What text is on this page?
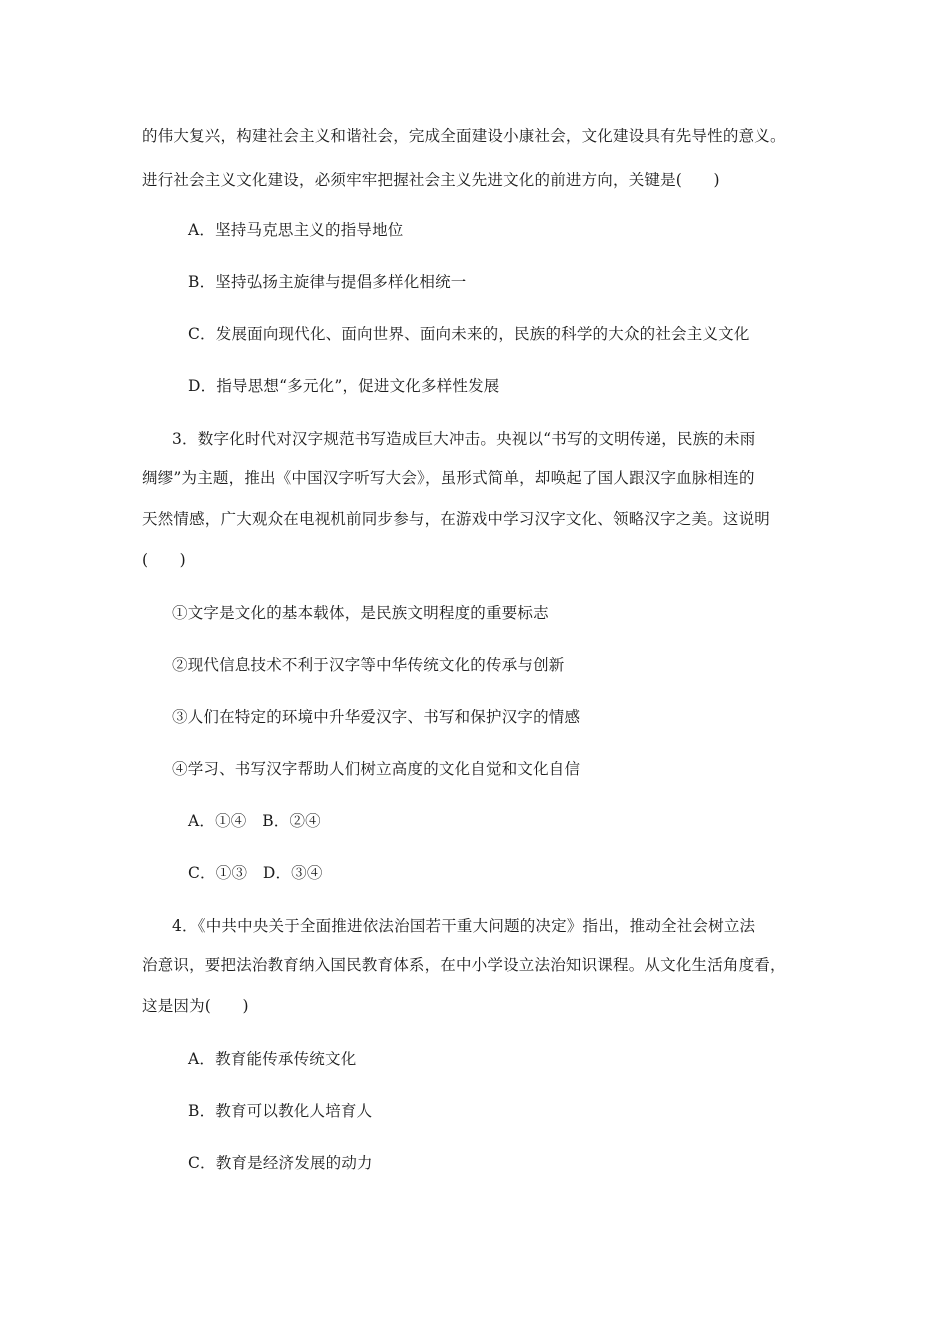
的伟大复兴，构建社会主义和谐社会，完成全面建设小康社会，文化建设具有先导性的意义。
进行社会主义文化建设，必须牢牢把握社会主义先进文化的前进方向，关键是(　　)
A．坚持马克思主义的指导地位
B．坚持弘扬主旋律与提倡多样化相统一
C．发展面向现代化、面向世界、面向未来的，民族的科学的大众的社会主义文化
D．指导思想“多元化”，促进文化多样性发展
3．数字化时代对汉字规范书写造成巨大冲击。央视以“书写的文明传递，民族的未雨
绸缪”为主题，推出《中国汉字听写大会》，虽形式简单，却唤起了国人跟汉字血脉相连的
天然情感，广大观众在电视机前同步参与，在游戏中学习汉字文化、领略汉字之美。这说明
(　　)
①文字是文化的基本载体，是民族文明程度的重要标志
②现代信息技术不利于汉字等中华传统文化的传承与创新
③人们在特定的环境中升华爱汉字、书写和保护汉字的情感
④学习、书写汉字帮助人们树立高度的文化自觉和文化自信
A．①④　B．②④
C．①③　D．③④
4．《中共中央关于全面推进依法治国若干重大问题的决定》指出，推动全社会树立法
治意识，要把法治教育纳入国民教育体系，在中小学设立法治知识课程。从文化生活角度看，
这是因为(　　)
A．教育能传承传统文化
B．教育可以教化人培育人
C．教育是经济发展的动力
